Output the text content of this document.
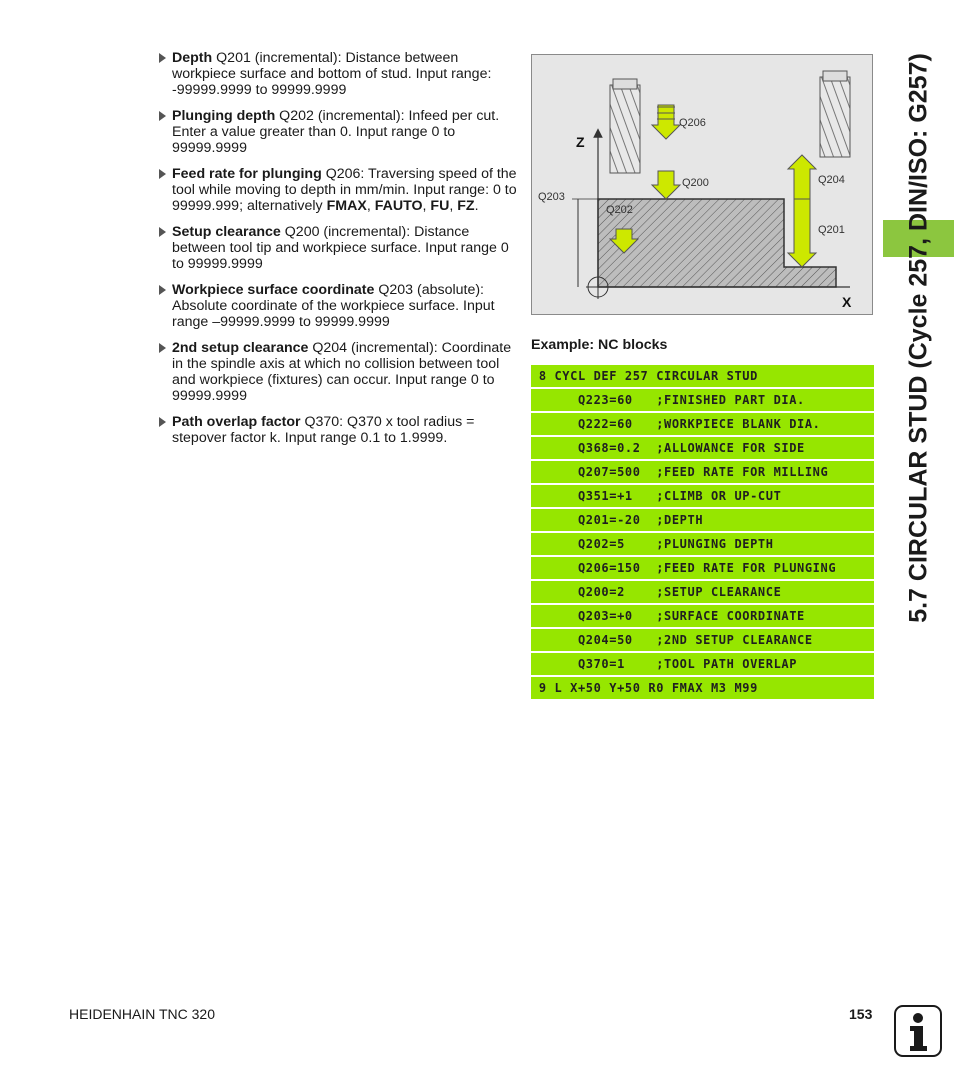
Depth Q201 (incremental): Distance between workpiece surface and bottom of stud. Input range: -99999.9999 to 99999.9999
Plunging depth Q202 (incremental): Infeed per cut. Enter a value greater than 0. Input range 0 to 99999.9999
Feed rate for plunging Q206: Traversing speed of the tool while moving to depth in mm/min. Input range: 0 to 99999.999; alternatively FMAX, FAUTO, FU, FZ.
Setup clearance Q200 (incremental): Distance between tool tip and workpiece surface. Input range 0 to 99999.9999
Workpiece surface coordinate Q203 (absolute): Absolute coordinate of the workpiece surface. Input range –99999.9999 to 99999.9999
2nd setup clearance Q204 (incremental): Coordinate in the spindle axis at which no collision between tool and workpiece (fixtures) can occur. Input range 0 to 99999.9999
Path overlap factor Q370: Q370 x tool radius = stepover factor k. Input range 0.1 to 1.9999.
Z
X
Q206
Q200
Q202
Q203
Q204
Q201
Example: NC blocks
8 CYCL DEF 257 CIRCULAR STUD
Q223=60   ;FINISHED PART DIA.
Q222=60   ;WORKPIECE BLANK DIA.
Q368=0.2  ;ALLOWANCE FOR SIDE
Q207=500  ;FEED RATE FOR MILLING
Q351=+1   ;CLIMB OR UP-CUT
Q201=-20  ;DEPTH
Q202=5    ;PLUNGING DEPTH
Q206=150  ;FEED RATE FOR PLUNGING
Q200=2    ;SETUP CLEARANCE
Q203=+0   ;SURFACE COORDINATE
Q204=50   ;2ND SETUP CLEARANCE
Q370=1    ;TOOL PATH OVERLAP
9 L X+50 Y+50 R0 FMAX M3 M99
5.7 CIRCULAR STUD (Cycle 257, DIN/ISO: G257)
HEIDENHAIN TNC 320	153
